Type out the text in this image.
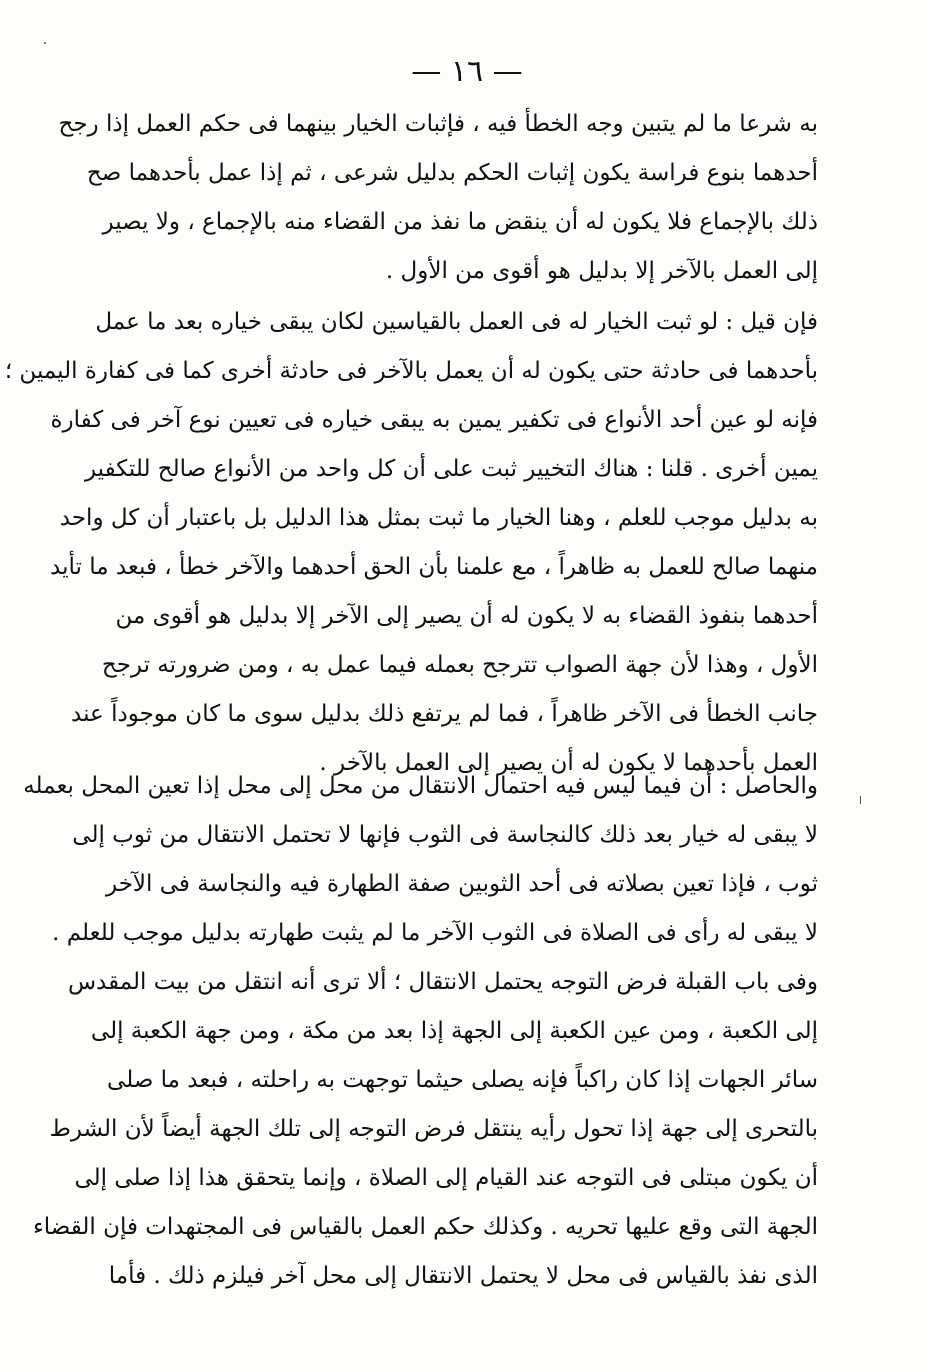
— ١٦ —
به شرعا ما لم يتبين وجه الخطأ فيه ، فإثبات الخيار بينهما فى حكم العمل إذا رجح
أحدهما بنوع فراسة يكون إثبات الحكم بدليل شرعى ، ثم إذا عمل بأحدهما صح
ذلك بالإجماع فلا يكون له أن ينقض ما نفذ من القضاء منه بالإجماع ، ولا يصير
إلى العمل بالآخر إلا بدليل هو أقوى من الأول .
فإن قيل : لو ثبت الخيار له فى العمل بالقياسين لكان يبقى خياره بعد ما عمل
بأحدهما فى حادثة حتى يكون له أن يعمل بالآخر فى حادثة أخرى كما فى كفارة اليمين ؛
فإنه لو عين أحد الأنواع فى تكفير يمين به يبقى خياره فى تعيين نوع آخر فى كفارة
يمين أخرى . قلنا : هناك التخيير ثبت على أن كل واحد من الأنواع صالح للتكفير
به بدليل موجب للعلم ، وهنا الخيار ما ثبت بمثل هذا الدليل بل باعتبار أن كل واحد
منهما صالح للعمل به ظاهراً ، مع علمنا بأن الحق أحدهما والآخر خطأ ، فبعد ما تأيد
أحدهما بنفوذ القضاء به لا يكون له أن يصير إلى الآخر إلا بدليل هو أقوى من
الأول ، وهذا لأن جهة الصواب تترجح بعمله فيما عمل به ، ومن ضرورته ترجح
جانب الخطأ فى الآخر ظاهراً ، فما لم يرتفع ذلك بدليل سوى ما كان موجوداً عند
العمل بأحدهما لا يكون له أن يصير إلى العمل بالآخر .
والحاصل : أن فيما ليس فيه احتمال الانتقال من محل إلى محل إذا تعين المحل بعمله
لا يبقى له خيار بعد ذلك كالنجاسة فى الثوب فإنها لا تحتمل الانتقال من ثوب إلى
ثوب ، فإذا تعين بصلاته فى أحد الثوبين صفة الطهارة فيه والنجاسة فى الآخر
لا يبقى له رأى فى الصلاة فى الثوب الآخر ما لم يثبت طهارته بدليل موجب للعلم .
وفى باب القبلة فرض التوجه يحتمل الانتقال ؛ ألا ترى أنه انتقل من بيت المقدس
إلى الكعبة ، ومن عين الكعبة إلى الجهة إذا بعد من مكة ، ومن جهة الكعبة إلى
سائر الجهات إذا كان راكباً فإنه يصلى حيثما توجهت به راحلته ، فبعد ما صلى
بالتحرى إلى جهة إذا تحول رأيه ينتقل فرض التوجه إلى تلك الجهة أيضاً لأن الشرط
أن يكون مبتلى فى التوجه عند القيام إلى الصلاة ، وإنما يتحقق هذا إذا صلى إلى
الجهة التى وقع عليها تحريه . وكذلك حكم العمل بالقياس فى المجتهدات فإن القضاء
الذى نفذ بالقياس فى محل لا يحتمل الانتقال إلى محل آخر فيلزم ذلك . فأما
